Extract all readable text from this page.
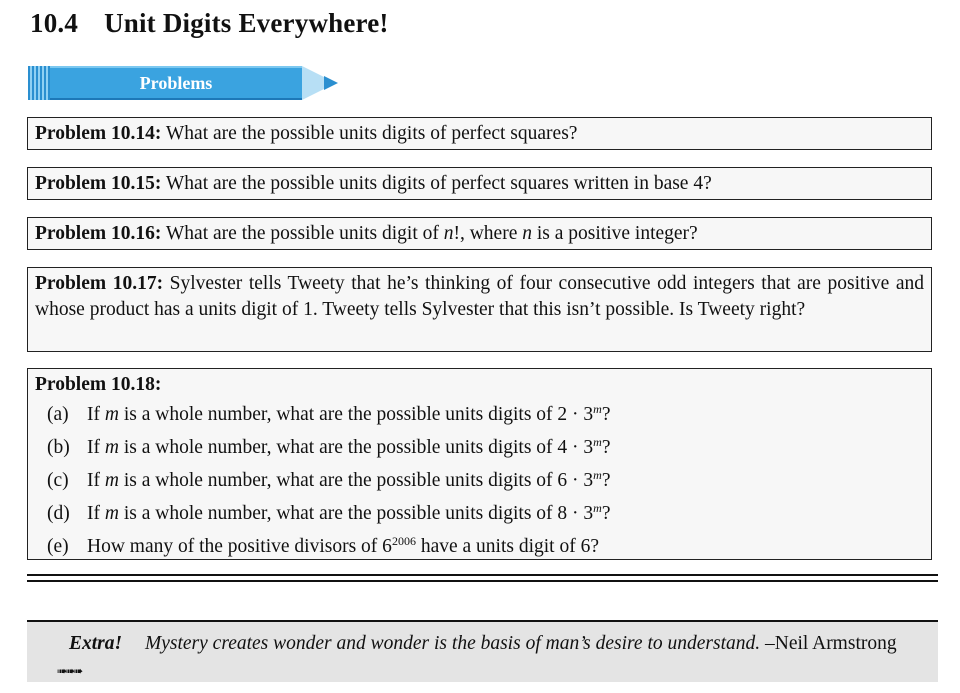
10.4 Unit Digits Everywhere!
Problems
Problem 10.14: What are the possible units digits of perfect squares?
Problem 10.15: What are the possible units digits of perfect squares written in base 4?
Problem 10.16: What are the possible units digit of n!, where n is a positive integer?
Problem 10.17: Sylvester tells Tweety that he’s thinking of four consecutive odd integers that are positive and whose product has a units digit of 1. Tweety tells Sylvester that this isn’t possible. Is Tweety right?
Problem 10.18:
(a) If m is a whole number, what are the possible units digits of $2 \cdot 3^m$?
(b) If m is a whole number, what are the possible units digits of $4 \cdot 3^m$?
(c) If m is a whole number, what are the possible units digits of $6 \cdot 3^m$?
(d) If m is a whole number, what are the possible units digits of $8 \cdot 3^m$?
(e) How many of the positive divisors of $6^{2006}$ have a units digit of 6?
Extra! Mystery creates wonder and wonder is the basis of man’s desire to understand. –Neil Armstrong
➠➠➠
